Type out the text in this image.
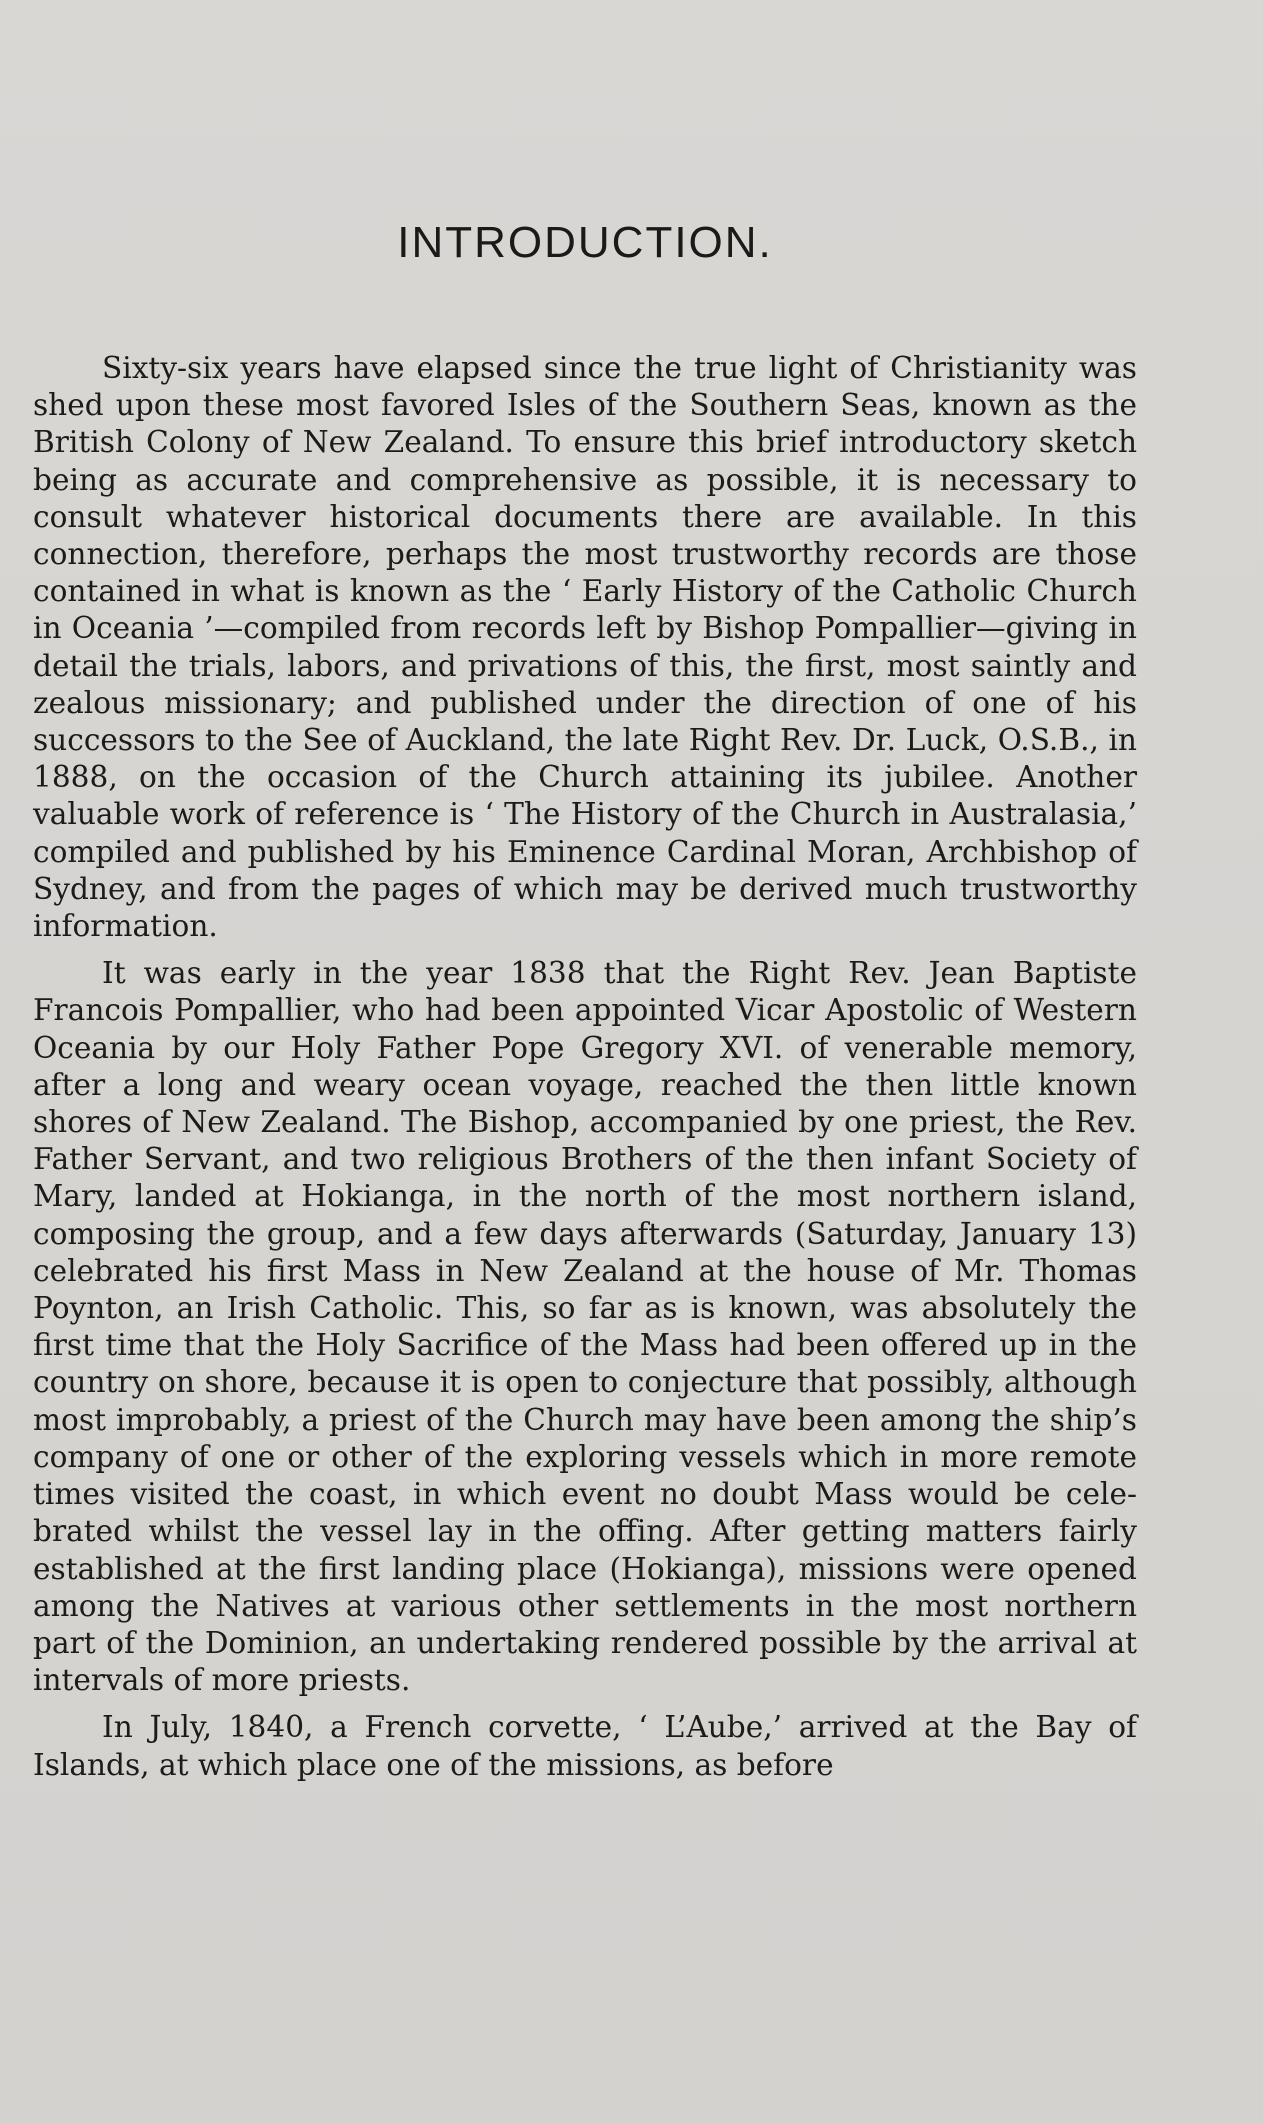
INTRODUCTION.

Sixty-six years have elapsed since the true light of Christianity was shed upon these most favored Isles of the Southern Seas, known as the British Colony of New Zealand. To ensure this brief introductory sketch being as accurate and comprehensive as possible, it is necessary to consult whatever historical documents there are available. In this connection, therefore, perhaps the most trustworthy records are those contained in what is known as the ‘ Early History of the Catholic Church in Oceania ’—compiled from records left by Bishop Pompallier—giving in detail the trials, labors, and privations of this, the first, most saintly and zealous missionary; and published under the direction of one of his successors to the See of Auckland, the late Right Rev. Dr. Luck, O.S.B., in 1888, on the occasion of the Church attaining its jubilee. Another valuable work of reference is ‘ The History of the Church in Australasia,’ compiled and published by his Eminence Cardinal Moran, Archbishop of Sydney, and from the pages of which may be derived much trustworthy information.

It was early in the year 1838 that the Right Rev. Jean Baptiste Francois Pompallier, who had been appointed Vicar Apostolic of Western Oceania by our Holy Father Pope Gregory XVI. of venerable memory, after a long and weary ocean voyage, reached the then little known shores of New Zealand. The Bishop, accompanied by one priest, the Rev. Father Servant, and two religious Brothers of the then infant Society of Mary, landed at Hokianga, in the north of the most northern island, composing the group, and a few days afterwards (Saturday, January 13) celebrated his first Mass in New Zealand at the house of Mr. Thomas Poynton, an Irish Catholic. This, so far as is known, was absolutely the first time that the Holy Sacrifice of the Mass had been offered up in the country on shore, because it is open to conjecture that possibly, although most improbably, a priest of the Church may have been among the ship’s company of one or other of the exploring vessels which in more remote times visited the coast, in which event no doubt Mass would be cele-brated whilst the vessel lay in the offing. After getting matters fairly established at the first landing place (Hokianga), missions were opened among the Natives at various other settlements in the most northern part of the Dominion, an undertaking rendered possible by the arrival at intervals of more priests.

In July, 1840, a French corvette, ‘ L’Aube,’ arrived at the Bay of Islands, at which place one of the missions, as before
